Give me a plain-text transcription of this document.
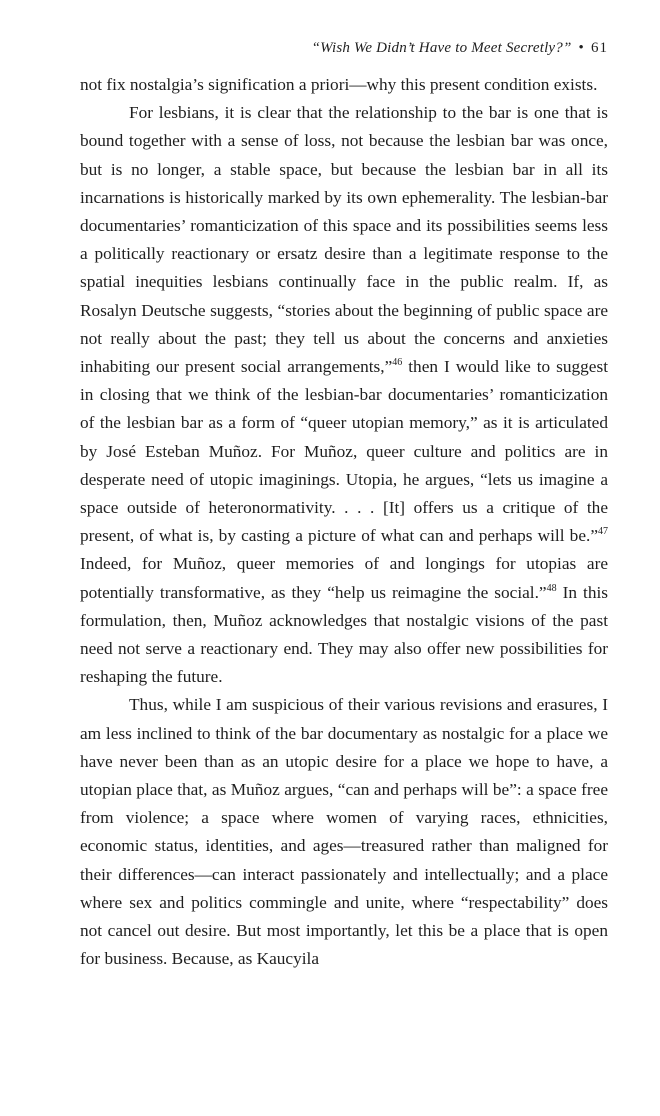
“Wish We Didn’t Have to Meet Secretly?” • 61

not fix nostalgia’s signification a priori—why this present condition exists.

For lesbians, it is clear that the relationship to the bar is one that is bound together with a sense of loss, not because the lesbian bar was once, but is no longer, a stable space, but because the lesbian bar in all its incarnations is historically marked by its own ephemerality. The lesbian-bar documentaries’ romanticization of this space and its possibilities seems less a politically reactionary or ersatz desire than a legitimate response to the spatial inequities lesbians continually face in the public realm. If, as Rosalyn Deutsche suggests, “stories about the beginning of public space are not really about the past; they tell us about the concerns and anxieties inhabiting our present social arrangements,”$^{46}$ then I would like to suggest in closing that we think of the lesbian-bar documentaries’ romanticization of the lesbian bar as a form of “queer utopian memory,” as it is articulated by José Esteban Muñoz. For Muñoz, queer culture and politics are in desperate need of utopic imaginings. Utopia, he argues, “lets us imagine a space outside of heteronormativity. . . . [It] offers us a critique of the present, of what is, by casting a picture of what can and perhaps will be.”$^{47}$ Indeed, for Muñoz, queer memories of and longings for utopias are potentially transformative, as they “help us reimagine the social.”$^{48}$ In this formulation, then, Muñoz acknowledges that nostalgic visions of the past need not serve a reactionary end. They may also offer new possibilities for reshaping the future.

Thus, while I am suspicious of their various revisions and erasures, I am less inclined to think of the bar documentary as nostalgic for a place we have never been than as an utopic desire for a place we hope to have, a utopian place that, as Muñoz argues, “can and perhaps will be”: a space free from violence; a space where women of varying races, ethnicities, economic status, identities, and ages—treasured rather than maligned for their differences—can interact passionately and intellectually; and a place where sex and politics commingle and unite, where “respectability” does not cancel out desire. But most importantly, let this be a place that is open for business. Because, as Kaucyila
